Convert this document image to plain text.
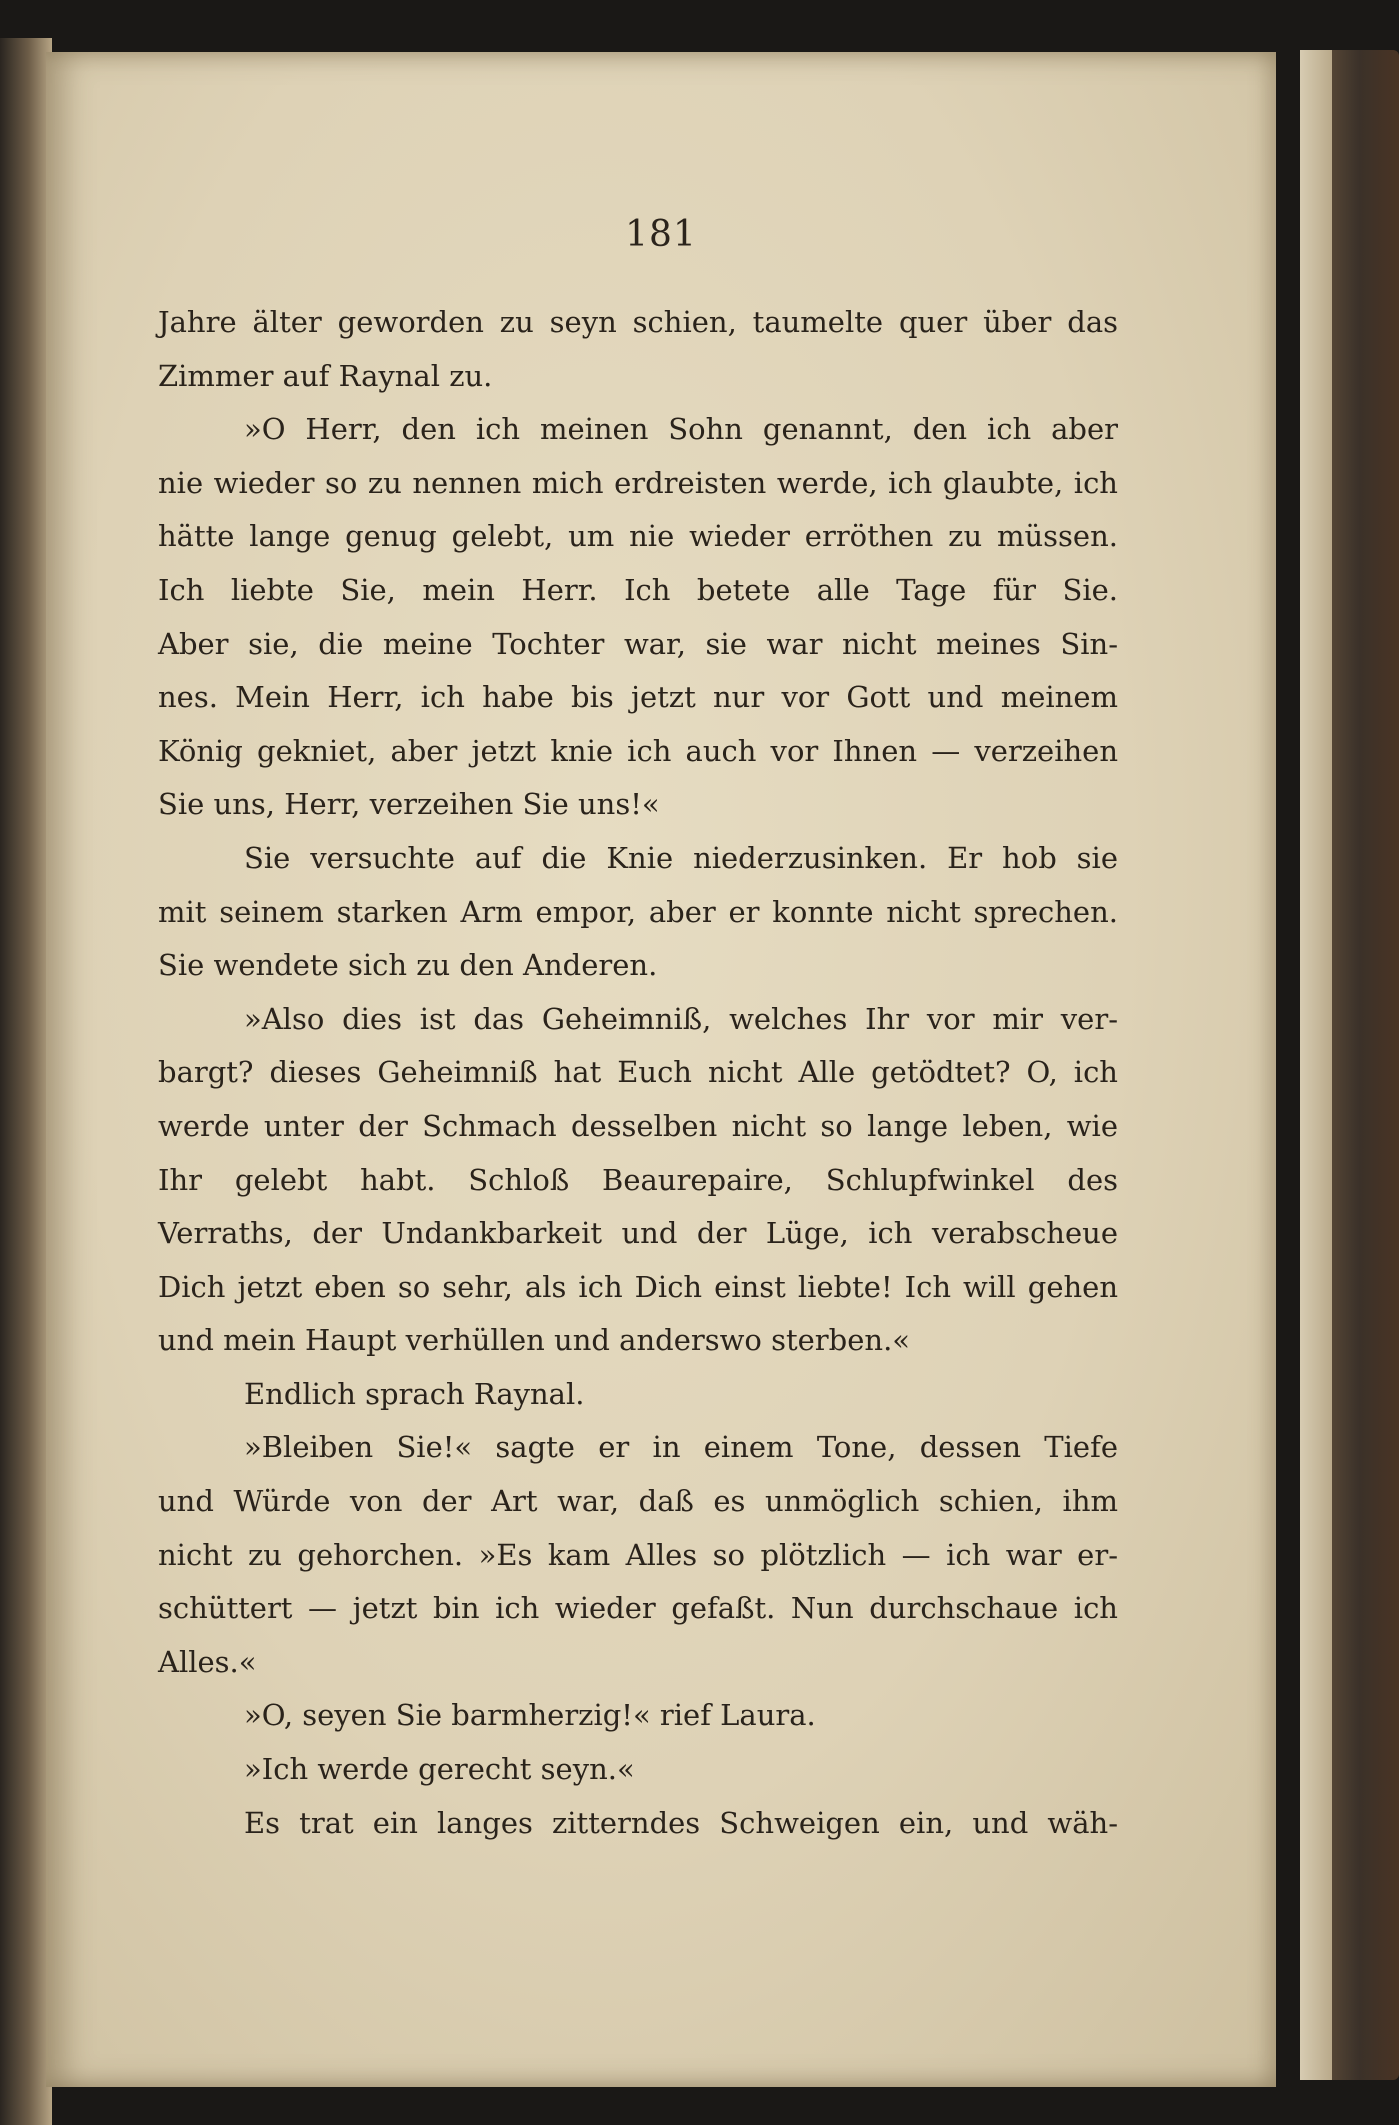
181
Jahre älter geworden zu seyn schien, taumelte quer über das
Zimmer auf Raynal zu.
»O Herr, den ich meinen Sohn genannt, den ich aber
nie wieder so zu nennen mich erdreisten werde, ich glaubte, ich
hätte lange genug gelebt, um nie wieder erröthen zu müssen.
Ich liebte Sie, mein Herr. Ich betete alle Tage für Sie.
Aber sie, die meine Tochter war, sie war nicht meines Sin-
nes. Mein Herr, ich habe bis jetzt nur vor Gott und meinem
König gekniet, aber jetzt knie ich auch vor Ihnen — verzeihen
Sie uns, Herr, verzeihen Sie uns!«
Sie versuchte auf die Knie niederzusinken. Er hob sie
mit seinem starken Arm empor, aber er konnte nicht sprechen.
Sie wendete sich zu den Anderen.
»Also dies ist das Geheimniß, welches Ihr vor mir ver-
bargt? dieses Geheimniß hat Euch nicht Alle getödtet? O, ich
werde unter der Schmach desselben nicht so lange leben, wie
Ihr gelebt habt. Schloß Beaurepaire, Schlupfwinkel des
Verraths, der Undankbarkeit und der Lüge, ich verabscheue
Dich jetzt eben so sehr, als ich Dich einst liebte! Ich will gehen
und mein Haupt verhüllen und anderswo sterben.«
Endlich sprach Raynal.
»Bleiben Sie!« sagte er in einem Tone, dessen Tiefe
und Würde von der Art war, daß es unmöglich schien, ihm
nicht zu gehorchen. »Es kam Alles so plötzlich — ich war er-
schüttert — jetzt bin ich wieder gefaßt. Nun durchschaue ich
Alles.«
»O, seyen Sie barmherzig!« rief Laura.
»Ich werde gerecht seyn.«
Es trat ein langes zitterndes Schweigen ein, und wäh-
